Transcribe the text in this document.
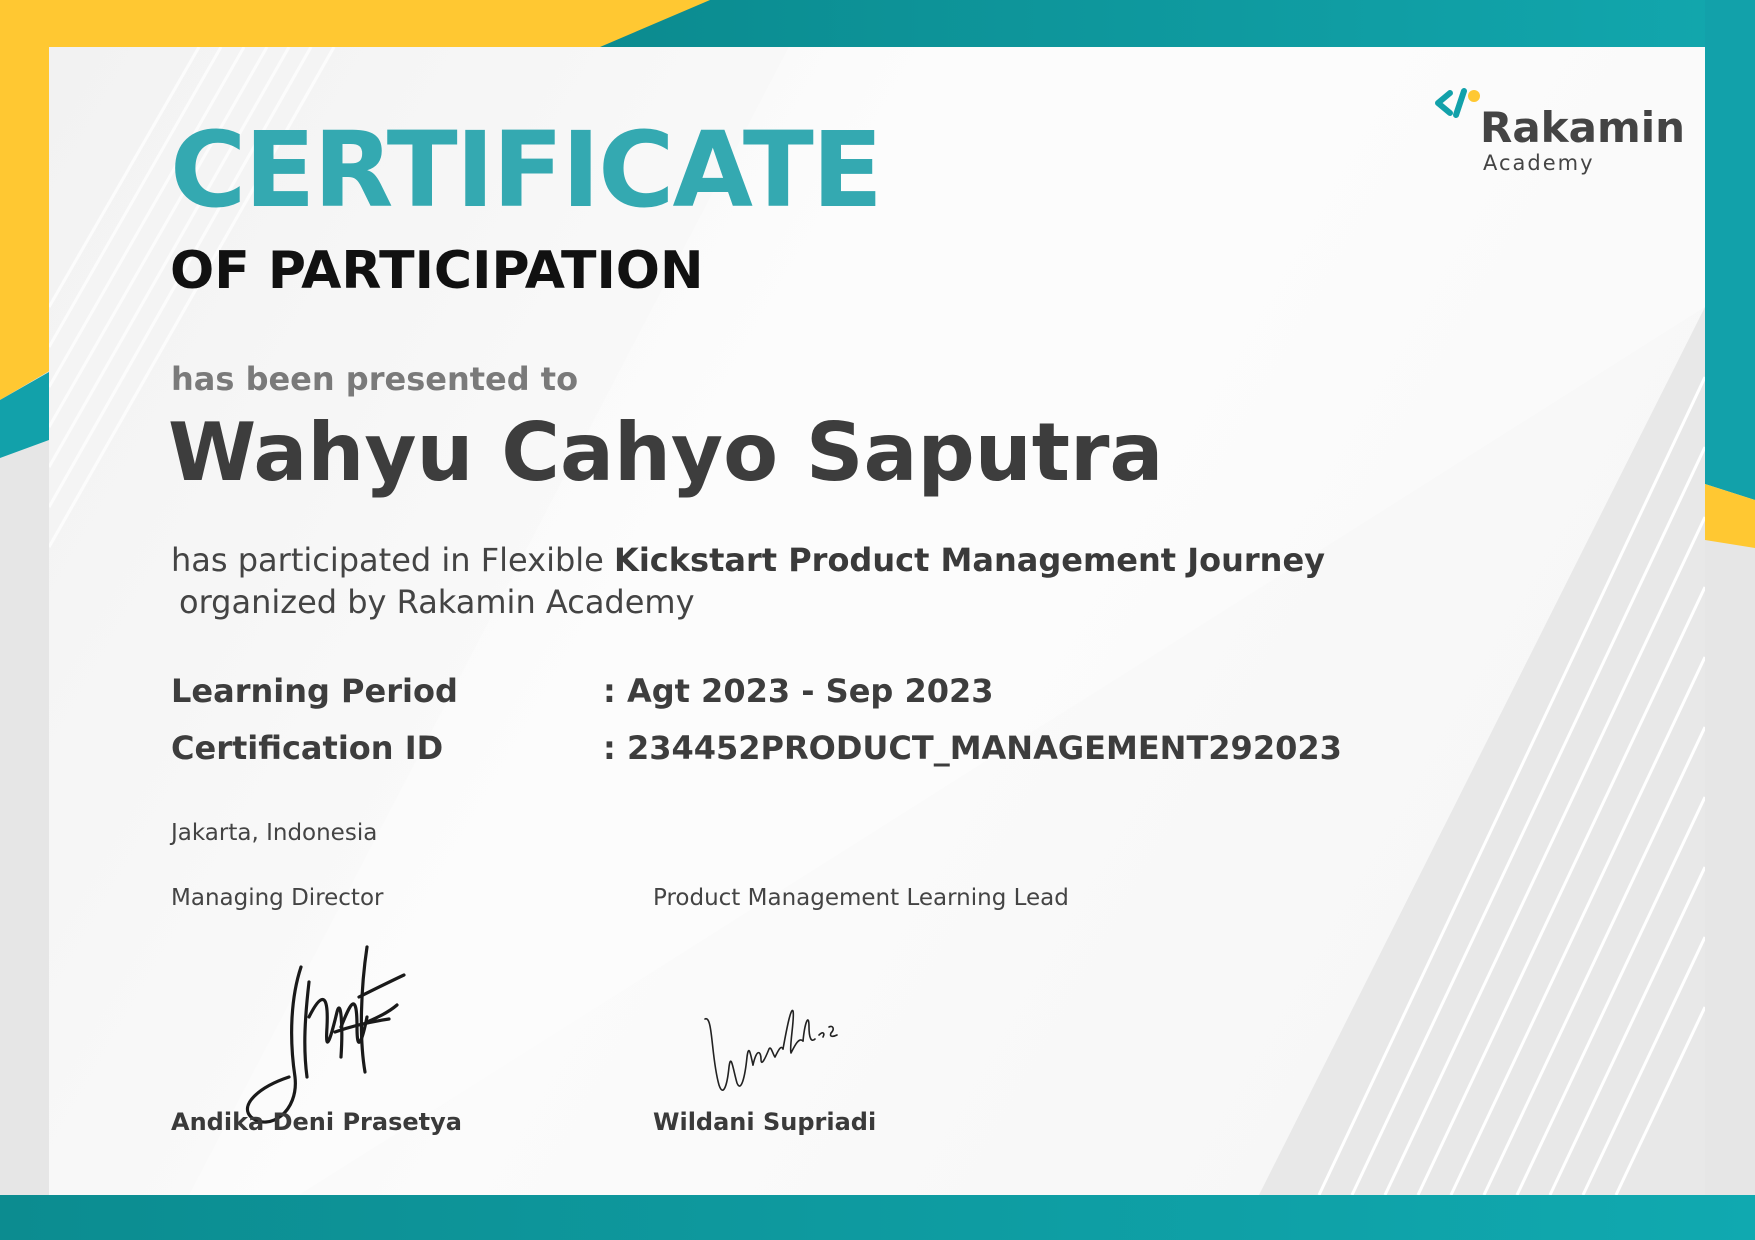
Rakamin
Academy
CERTIFICATE
OF PARTICIPATION
has been presented to
Wahyu Cahyo Saputra
has participated in Flexible Kickstart Product Management Journey
organized by Rakamin Academy
Learning Period	: Agt 2023 - Sep 2023
Certification ID	: 234452PRODUCT_MANAGEMENT292023
Jakarta, Indonesia
Managing Director	Product Management Learning Lead
Andika Deni Prasetya	Wildani Supriadi
